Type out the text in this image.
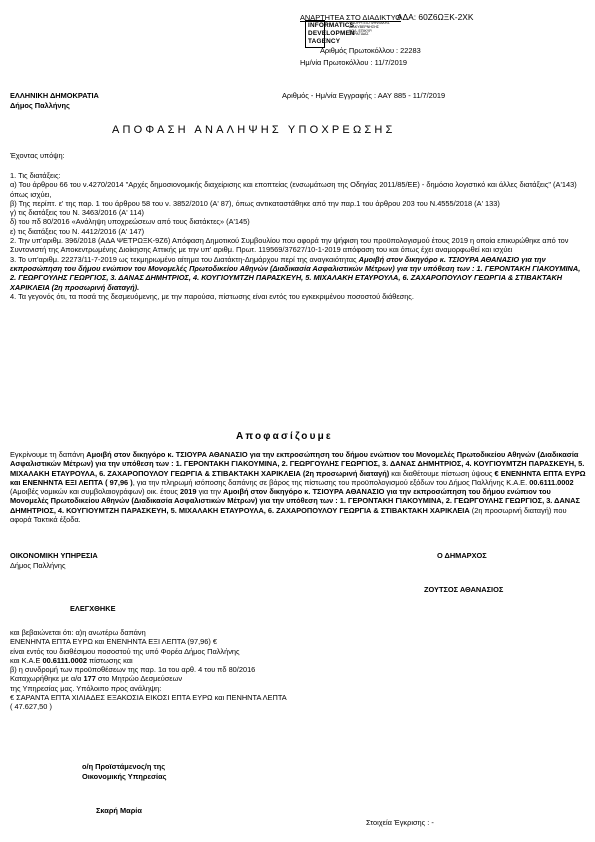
ΑΝΑΡΤΗΤΕΑ ΣΤΟ ΔΙΑΔΙΚΤΥΟ
ΑΔΑ: 60Ζ6ΩΞΚ-2ΧΚ
INFORMATICS
DEVELOPMEN
TAGENCY
ΥΠΟΥΡΓΕΙΟ ΨΗΦΙΑΚΗΣ
ΔΙΑΚΥΒΕΡΝΗΣΗΣ
ΚΩΔ. ΕΠΙΚΥΡ.
ΣΦΡΑΓΙΔΑΣ
Αριθμός Πρωτοκόλλου : 22283
Ημ/νία Πρωτοκόλλου : 11/7/2019
ΕΛΛΗΝΙΚΗ ΔΗΜΟΚΡΑΤΙΑ
Δήμος Παλλήνης
Αριθμός - Ημ/νία Εγγραφής : ΑΑΥ 885 - 11/7/2019
ΑΠΟΦΑΣΗ ΑΝΑΛΗΨΗΣ ΥΠΟΧΡΕΩΣΗΣ
Έχοντας υπόψη:

1. Τις διατάξεις:

α) Του άρθρου 66 του ν.4270/2014 "Αρχές δημοσιονομικής διαχείρισης και εποπτείας (ενσωμάτωση της Οδηγίας 2011/85/ΕΕ) - δημόσιο λογιστικό και άλλες διατάξεις" (Α'143) όπως ισχύει,

β) Της περίπτ. ε' της παρ. 1 του άρθρου 58 του ν. 3852/2010 (Α' 87), όπως αντικαταστάθηκε από την παρ.1 του άρθρου 203 του Ν.4555/2018 (Α' 133)

γ) τις διατάξεις του Ν. 3463/2016 (Α' 114)

δ) του πδ 80/2016 «Ανάληψη υποχρεώσεων από τους διατάκτες» (Α'145)

ε) τις διατάξεις του Ν. 4412/2016 (Α' 147)

2. Την υπ'αριθμ. 396/2018 (ΑΔΑ ΨΕΤΡΩΞΚ-9Ζ6) Απόφαση Δημοτικού Συμβουλίου που αφορά την ψήφιση του προϋπολογισμού έτους 2019 η οποία επικυρώθηκε από τον Συντονιστή της Αποκεντρωμένης Διοίκησης Αττικής με την υπ' αριθμ. Πρωτ. 119569/37627/10-1-2019 απόφαση του και όπως έχει αναμορφωθεί και ισχύει

3. Το υπ'αριθμ. 22273/11-7-2019 ως τεκμηριωμένο αίτημα του Διατάκτη-Δημάρχου περί της αναγκαιότητας Αμοιβή στον δικηγόρο κ. ΤΣΙΟΥΡΑ ΑΘΑΝΑΣΙΟ για την εκπροσώπηση του δήμου ενώπιον του Μονομελές Πρωτοδικείου Αθηνών (Διαδικασία Ασφαλιστικών Μέτρων) για την υπόθεση των : 1. ΓΕΡΟΝΤΑΚΗ ΓΙΑΚΟΥΜΙΝΑ, 2. ΓΕΩΡΓΟΥΛΗΣ ΓΕΩΡΓΙΟΣ, 3. ΔΑΝΑΣ ΔΗΜΗΤΡΙΟΣ, 4. ΚΟΥΓΙΟΥΜΤΖΗ ΠΑΡΑΣΚΕΥΗ, 5. ΜΙΧΑΛΑΚΗ ΕΤΑΥΡΟΥΛΑ, 6. ΖΑΧΑΡΟΠΟΥΛΟΥ ΓΕΩΡΓΙΑ & ΣΤΙΒΑΚΤΑΚΗ ΧΑΡΙΚΛΕΙΑ (2η προσωρινή διαταγή).

4. Τα γεγονός ότι, τα ποσά της δεσμευόμενης, με την παρούσα, πίστωσης είναι εντός του εγκεκριμένου ποσοστού διάθεσης.

Αποφασίζουμε

Εγκρίνουμε τη δαπάνη Αμοιβή στον δικηγόρο κ. ΤΣΙΟΥΡΑ ΑΘΑΝΑΣΙΟ για την εκπροσώπηση του δήμου ενώπιον του Μονομελές Πρωτοδικείου Αθηνών (Διαδικασία Ασφαλιστικών Μέτρων) για την υπόθεση των : 1. ΓΕΡΟΝΤΑΚΗ ΓΙΑΚΟΥΜΙΝΑ, 2. ΓΕΩΡΓΟΥΛΗΣ ΓΕΩΡΓΙΟΣ, 3. ΔΑΝΑΣ ΔΗΜΗΤΡΙΟΣ, 4. ΚΟΥΓΙΟΥΜΤΖΗ ΠΑΡΑΣΚΕΥΗ, 5. ΜΙΧΑΛΑΚΗ ΕΤΑΥΡΟΥΛΑ, 6. ΖΑΧΑΡΟΠΟΥΛΟΥ ΓΕΩΡΓΙΑ & ΣΤΙΒΑΚΤΑΚΗ ΧΑΡΙΚΛΕΙΑ (2η προσωρινή διαταγή) και διαθέτουμε πίστωση ύψους € ΕΝΕΝΗΝΤΑ ΕΠΤΑ ΕΥΡΩ και ΕΝΕΝΗΝΤΑ ΕΞΙ ΛΕΠΤΑ ( 97,96 ), για την πληρωμή ισόποσης δαπάνης σε βάρος της πίστωσης του προϋπολογισμού εξόδων του Δήμος Παλλήνης Κ.Α.Ε. 00.6111.0002 (Αμοιβές νομικών και συμβολαιογράφων) οικ. έτους 2019 για την Αμοιβή στον δικηγόρο κ. ΤΣΙΟΥΡΑ ΑΘΑΝΑΣΙΟ για την εκπροσώπηση του δήμου ενώπιον του Μονομελές Πρωτοδικείου Αθηνών (Διαδικασία Ασφαλιστικών Μέτρων) για την υπόθεση των : 1. ΓΕΡΟΝΤΑΚΗ ΓΙΑΚΟΥΜΙΝΑ, 2. ΓΕΩΡΓΟΥΛΗΣ ΓΕΩΡΓΙΟΣ, 3. ΔΑΝΑΣ ΔΗΜΗΤΡΙΟΣ, 4. ΚΟΥΓΙΟΥΜΤΖΗ ΠΑΡΑΣΚΕΥΗ, 5. ΜΙΧΑΛΑΚΗ ΕΤΑΥΡΟΥΛΑ, 6. ΖΑΧΑΡΟΠΟΥΛΟΥ ΓΕΩΡΓΙΑ & ΣΤΙΒΑΚΤΑΚΗ ΧΑΡΙΚΛΕΙΑ (2η προσωρινή διαταγή) που αφορά Τακτικά έξοδα.

ΟΙΚΟΝΟΜΙΚΗ ΥΠΗΡΕΣΙΑ
Δήμος Παλλήνης
Ο ΔΗΜΑΡΧΟΣ
ΖΟΥΤΣΟΣ ΑΘΑΝΑΣΙΟΣ
ΕΛΕΓΧΘΗΚΕ

και βεβαιώνεται ότι: α)η ανωτέρω δαπάνη

ΕΝΕΝΗΝΤΑ ΕΠΤΑ ΕΥΡΩ και ΕΝΕΝΗΝΤΑ ΕΞΙ ΛΕΠΤΑ (97,96) €

είναι εντός του διαθέσιμου ποσοστού της υπό Φορέα Δήμος Παλλήνης

και Κ.Α.Ε 00.6111.0002 πίστωσης και

β) η συνδρομή των προϋποθέσεων της παρ. 1α του αρθ. 4 του πδ 80/2016

Καταχωρήθηκε με α/α 177 στο Μητρώο Δεσμεύσεων

της Υπηρεσίας μας. Υπόλοιπο προς ανάληψη:

€ ΣΑΡΑΝΤΑ ΕΠΤΑ ΧΙΛΙΑΔΕΣ ΕΞΑΚΟΣΙΑ ΕΙΚΟΣΙ ΕΠΤΑ ΕΥΡΩ και ΠΕΝΗΝΤΑ ΛΕΠΤΑ

( 47.627,50 )

ο/η Προϊστάμενος/η της
Οικονομικής Υπηρεσίας
Σκαρή Μαρία
Στοιχεία Έγκρισης : -
